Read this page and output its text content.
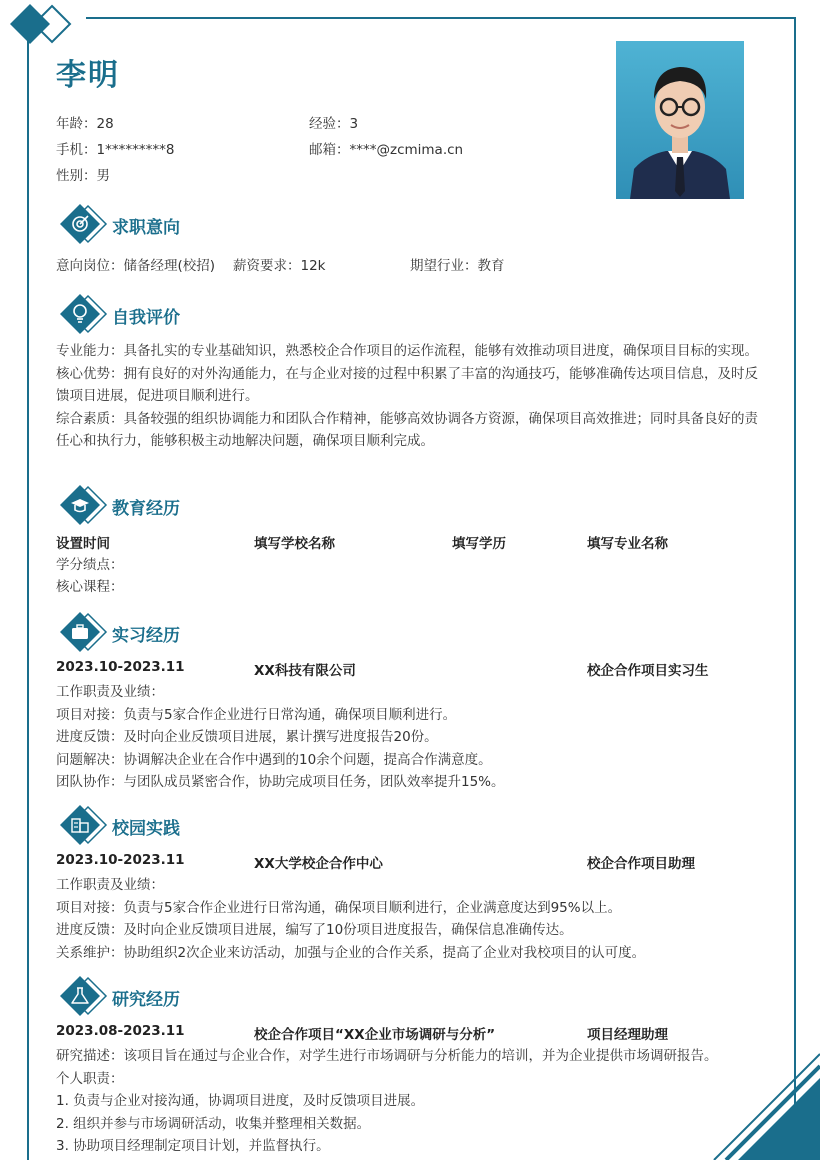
李明
年龄：28	经验：3
手机：1*********8	邮箱：****@zcmima.cn
性别：男
求职意向
意向岗位：储备经理(校招) 薪资要求：12k	期望行业：教育
自我评价
专业能力：具备扎实的专业基础知识，熟悉校企合作项目的运作流程，能够有效推动项目进度，确保项目目标的实现。
核心优势：拥有良好的对外沟通能力，在与企业对接的过程中积累了丰富的沟通技巧，能够准确传达项目信息，及时反馈项目进展，促进项目顺利进行。
综合素质：具备较强的组织协调能力和团队合作精神，能够高效协调各方资源，确保项目高效推进；同时具备良好的责任心和执行力，能够积极主动地解决问题，确保项目顺利完成。
教育经历
设置时间	填写学校名称	填写学历	填写专业名称
学分绩点：
核心课程：
实习经历
2023.10-2023.11	XX科技有限公司	校企合作项目实习生
工作职责及业绩：
项目对接：负责与5家合作企业进行日常沟通，确保项目顺利进行。
进度反馈：及时向企业反馈项目进展，累计撰写进度报告20份。
问题解决：协调解决企业在合作中遇到的10余个问题，提高合作满意度。
团队协作：与团队成员紧密合作，协助完成项目任务，团队效率提升15%。
校园实践
2023.10-2023.11	XX大学校企合作中心	校企合作项目助理
工作职责及业绩：
项目对接：负责与5家合作企业进行日常沟通，确保项目顺利进行，企业满意度达到95%以上。
进度反馈：及时向企业反馈项目进展，编写了10份项目进度报告，确保信息准确传达。
关系维护：协助组织2次企业来访活动，加强与企业的合作关系，提高了企业对我校项目的认可度。
研究经历
2023.08-2023.11	校企合作项目“XX企业市场调研与分析”	项目经理助理
研究描述：该项目旨在通过与企业合作，对学生进行市场调研与分析能力的培训，并为企业提供市场调研报告。
个人职责：
1. 负责与企业对接沟通，协调项目进度，及时反馈项目进展。
2. 组织并参与市场调研活动，收集并整理相关数据。
3. 协助项目经理制定项目计划，并监督执行。
